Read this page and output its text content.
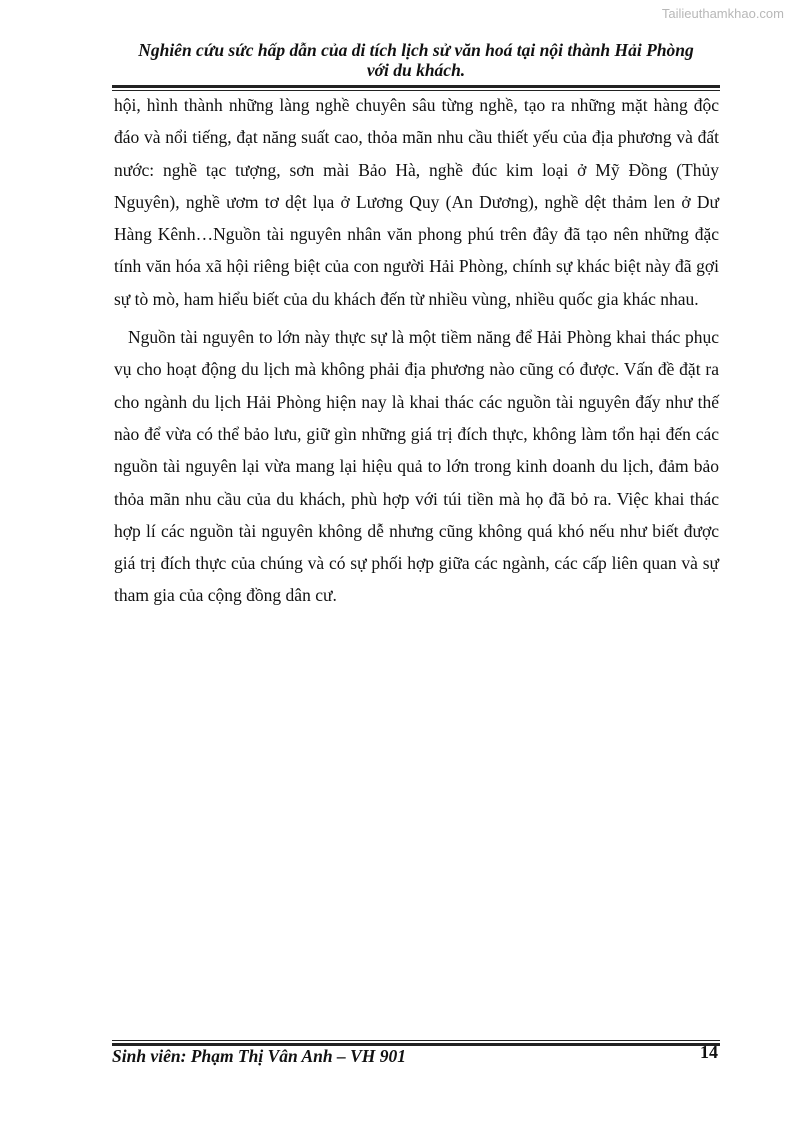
Tailieuthamkhao.com
Nghiên cứu sức hấp dẫn của di tích lịch sử văn hoá tại nội thành Hải Phòng
với du khách.

hội, hình thành những làng nghề chuyên sâu từng nghề, tạo ra những mặt hàng độc đáo và nổi tiếng, đạt năng suất cao, thỏa mãn nhu cầu thiết yếu của địa phương và đất nước: nghề tạc tượng, sơn mài Bảo Hà, nghề đúc kim loại ở Mỹ Đồng (Thủy Nguyên), nghề ươm tơ dệt lụa ở Lương Quy (An Dương), nghề dệt thảm len ở Dư Hàng Kênh…Nguồn tài nguyên nhân văn phong phú trên đây đã tạo nên những đặc tính văn hóa xã hội riêng biệt của con người Hải Phòng, chính sự khác biệt này đã gợi sự tò mò, ham hiểu biết của du khách đến từ nhiều vùng, nhiều quốc gia khác nhau.

Nguồn tài nguyên to lớn này thực sự là một tiềm năng để Hải Phòng khai thác phục vụ cho hoạt động du lịch mà không phải địa phương nào cũng có được. Vấn đề đặt ra cho ngành du lịch Hải Phòng hiện nay là khai thác các nguồn tài nguyên đấy như thế nào để vừa có thể bảo lưu, giữ gìn những giá trị đích thực, không làm tổn hại đến các nguồn tài nguyên lại vừa mang lại hiệu quả to lớn trong kinh doanh du lịch, đảm bảo thỏa mãn nhu cầu của du khách, phù hợp với túi tiền mà họ đã bỏ ra. Việc khai thác hợp lí các nguồn tài nguyên không dễ nhưng cũng không quá khó nếu như biết được giá trị đích thực của chúng và có sự phối hợp giữa các ngành, các cấp liên quan và sự tham gia của cộng đồng dân cư.

Sinh viên: Phạm Thị Vân Anh – VH 901	14
